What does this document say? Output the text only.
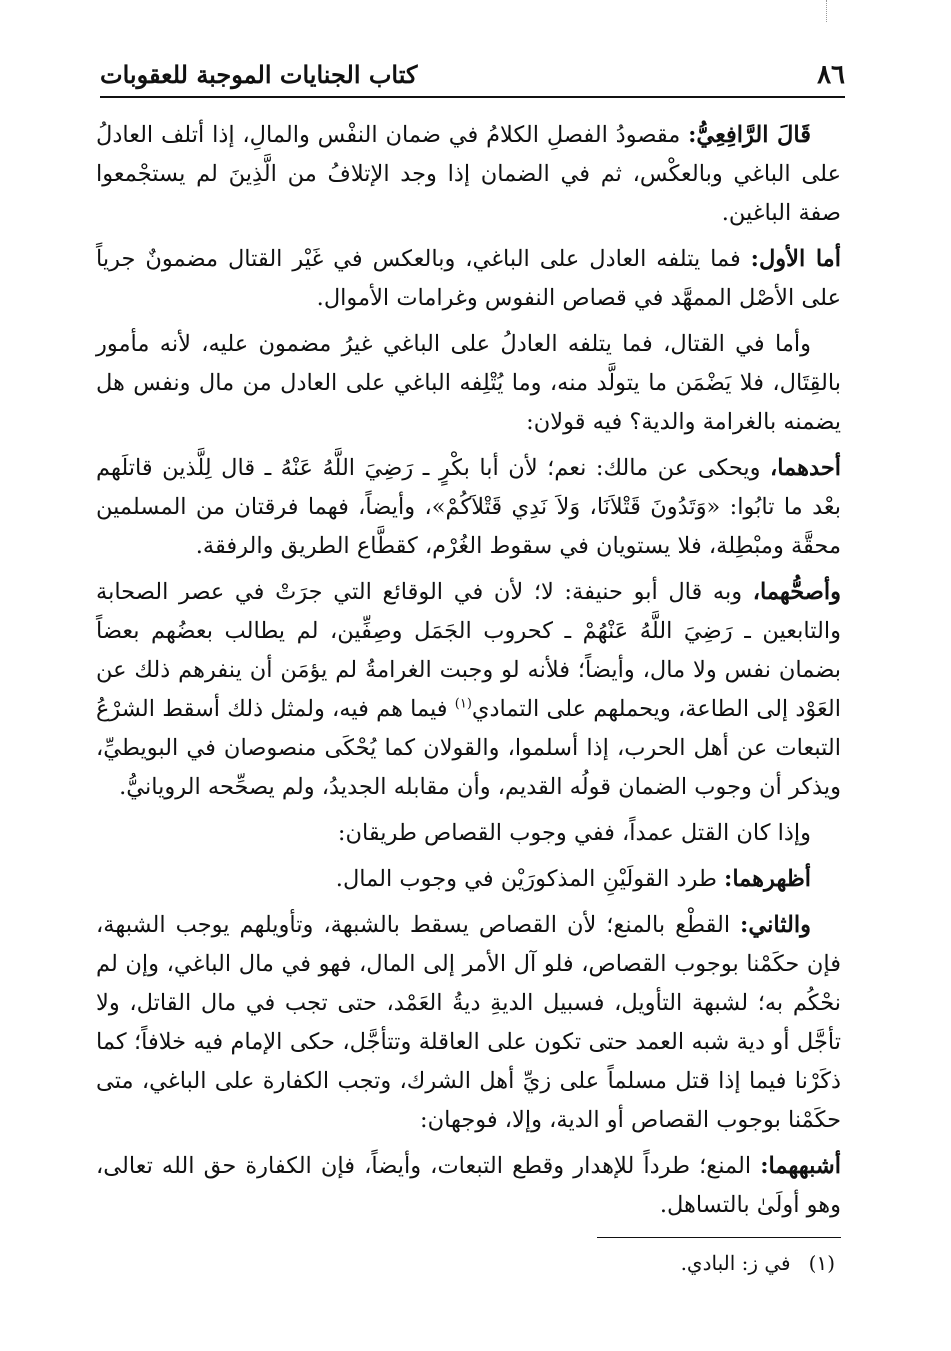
٨٦
كتاب الجنايات الموجبة للعقوبات

قَالَ الرَّافِعِيُّ: مقصودُ الفصلِ الكلامُ في ضمان النفْس والمالِ، إذا أتلف العادلُ على الباغي وبالعكْس، ثم في الضمان إذا وجد الإتلافُ من الَّذِينَ لم يستجْمعوا صفة الباغين.

أما الأول: فما يتلفه العادل على الباغي، وبالعكس في غَيْر القتال مضمونٌ جرياً على الأصْل الممهَّد في قصاص النفوس وغرامات الأموال.

وأما في القتال، فما يتلفه العادلُ على الباغي غيرُ مضمون عليه، لأنه مأمور بالقِتَال، فلا يَضْمَن ما يتولَّد منه، وما يُتْلِفه الباغي على العادل من مال ونفس هل يضمنه بالغرامة والدية؟ فيه قولان:

أحدهما، ويحكى عن مالك: نعم؛ لأن أبا بكْرٍ ـ رَضِيَ اللَّهُ عَنْهُ ـ قال لِلَّذين قاتلَهم بعْد ما تابُوا: «وَتَدُونَ قَتْلاَنَا، وَلاَ نَدِي قَتْلاَكُمْ»، وأيضاً، فهما فرقتان من المسلمين محقَّة ومبْطِلة، فلا يستويان في سقوط الغُرْم، كقطَّاع الطريق والرفقة.

وأصحُّهما، وبه قال أبو حنيفة: لا؛ لأن في الوقائع التي جرَتْ في عصر الصحابة والتابعين ـ رَضِيَ اللَّهُ عَنْهُمْ ـ كحروب الجَمَل وصِفِّين، لم يطالب بعضُهم بعضاً بضمان نفس ولا مال، وأيضاً؛ فلأنه لو وجبت الغرامةُ لم يؤمَن أن ينفرهم ذلك عن العَوْد إلى الطاعة، ويحملهم على التمادي$^{(١)}$ فيما هم فيه، ولمثل ذلك أسقط الشرْعُ التبعات عن أهل الحرب، إذا أسلموا، والقولان كما يُحْكَى منصوصان في البويطيِّ، ويذكر أن وجوب الضمان قولُه القديم، وأن مقابله الجديدُ، ولم يصحِّحه الرويانيُّ.

وإذا كان القتل عمداً، ففي وجوب القصاص طريقان:

أظهرهما: طرد القولَيْنِ المذكورَيْن في وجوب المال.

والثاني: القطْع بالمنع؛ لأن القصاص يسقط بالشبهة، وتأويلهم يوجب الشبهة، فإن حكَمْنا بوجوب القصاص، فلو آل الأمر إلى المال، فهو في مال الباغي، وإن لم نحْكُم به؛ لشبهة التأويل، فسبيل الديةِ ديةُ العَمْد، حتى تجب في مال القاتل، ولا تأجَّل أو دية شبه العمد حتى تكون على العاقلة وتتأجَّل، حكى الإمام فيه خلافاً؛ كما ذكَرْنا فيما إذا قتل مسلماً على زيِّ أهل الشرك، وتجب الكفارة على الباغي، متى حكَمْنا بوجوب القصاص أو الدية، وإلا، فوجهان:

أشبههما: المنع؛ طرداً للإهدار وقطع التبعات، وأيضاً، فإن الكفارة حق الله تعالى، وهو أولَىٰ بالتساهل.

(١)في ز: البادي.
